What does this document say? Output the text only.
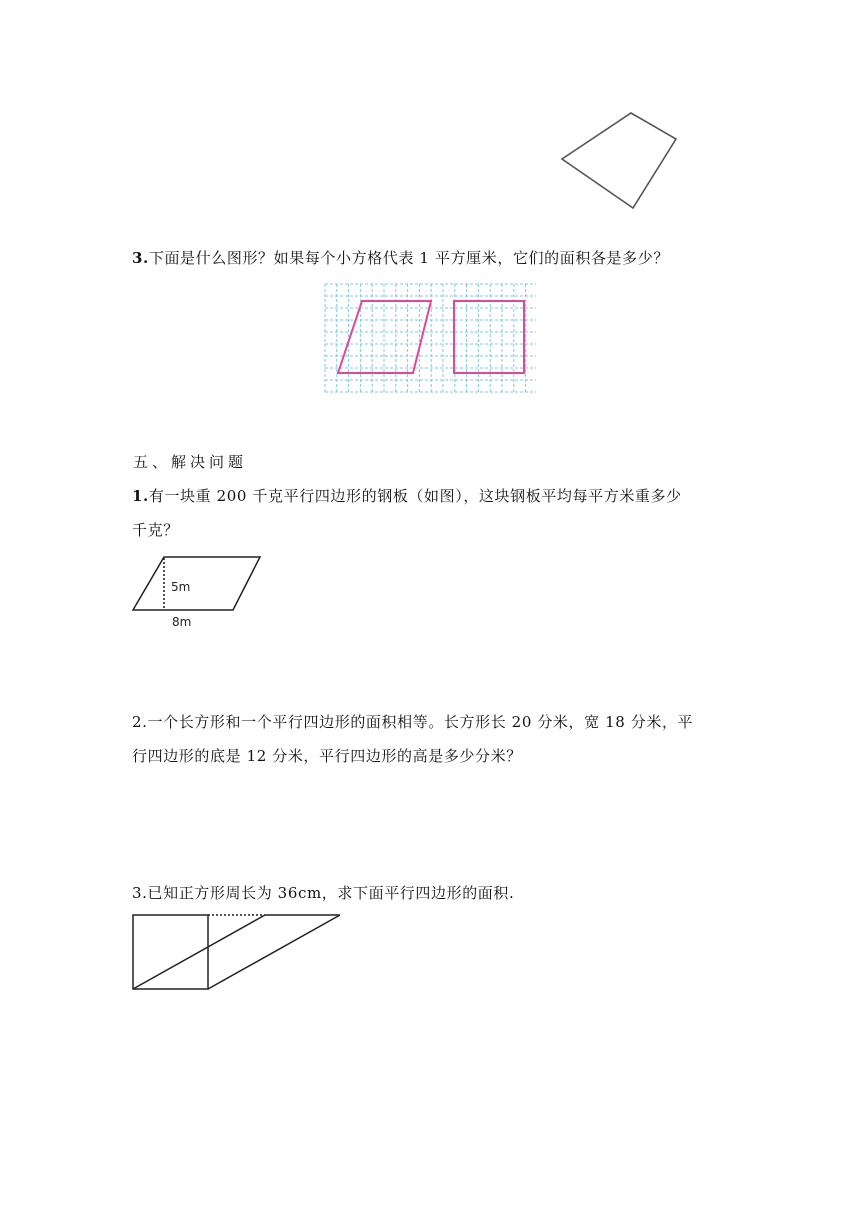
3.下面是什么图形？如果每个小方格代表 1 平方厘米，它们的面积各是多少？
五、解决问题
1.有一块重 200 千克平行四边形的钢板（如图），这块钢板平均每平方米重多少
千克？
5m
8m
2.一个长方形和一个平行四边形的面积相等。长方形长 20 分米，宽 18 分米，平
行四边形的底是 12 分米，平行四边形的高是多少分米？
3.已知正方形周长为 36cm，求下面平行四边形的面积.
